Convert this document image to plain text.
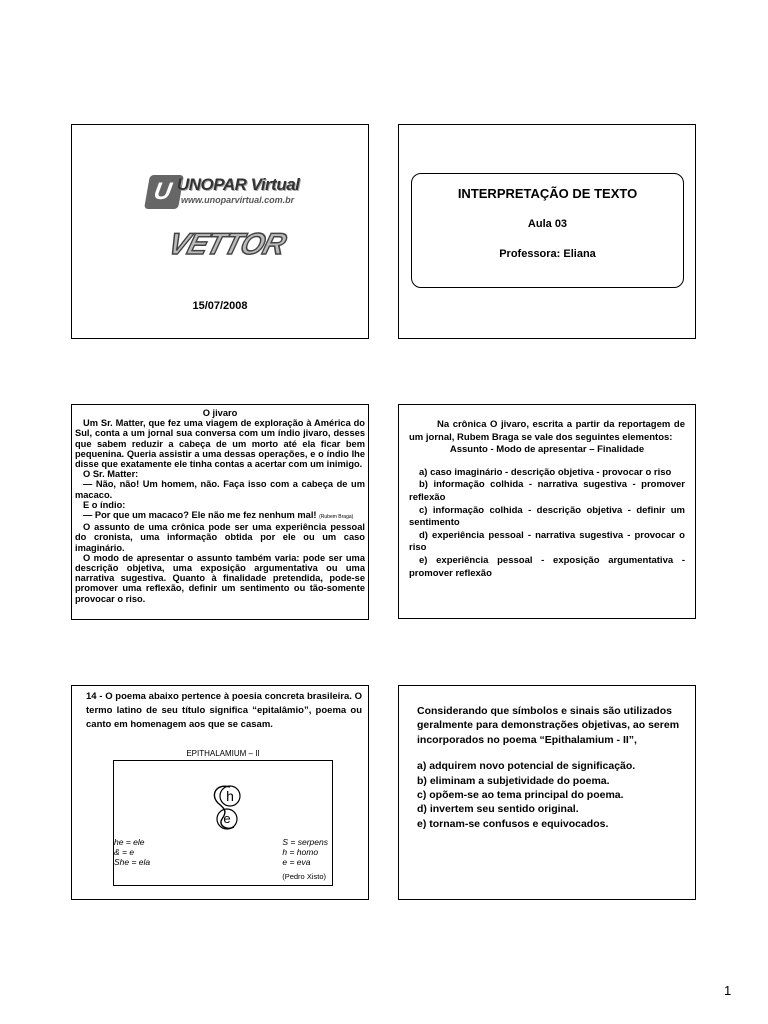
U UNOPAR Virtual
www.unoparvirtual.com.br
VETTOR
15/07/2008
INTERPRETAÇÃO DE TEXTO
Aula 03
Professora: Eliana
O jivaro

Um Sr. Matter, que fez uma viagem de exploração à América do Sul, conta a um jornal sua conversa com um índio jivaro, desses que sabem reduzir a cabeça de um morto até ela ficar bem pequenina. Queria assistir a uma dessas operações, e o índio lhe disse que exatamente ele tinha contas a acertar com um inimigo.

O Sr. Matter:

— Não, não! Um homem, não. Faça isso com a cabeça de um macaco.

E o índio:

— Por que um macaco? Ele não me fez nenhum mal! (Rubem Braga)

O assunto de uma crônica pode ser uma experiência pessoal do cronista, uma informação obtida por ele ou um caso imaginário.

O modo de apresentar o assunto também varia: pode ser uma descrição objetiva, uma exposição argumentativa ou uma narrativa sugestiva. Quanto à finalidade pretendida, pode-se promover uma reflexão, definir um sentimento ou tão-somente provocar o riso.

Na crônica O jivaro, escrita a partir da reportagem de um jornal, Rubem Braga se vale dos seguintes elementos:

Assunto - Modo de apresentar – Finalidade

a) caso imaginário - descrição objetiva - provocar o riso

b) informação colhida - narrativa sugestiva - promover reflexão

c) informação colhida - descrição objetiva - definir um sentimento

d) experiência pessoal - narrativa sugestiva - provocar o riso

e) experiência pessoal - exposição argumentativa - promover reflexão

14 - O poema abaixo pertence à poesia concreta brasileira. O termo latino de seu título significa “epitalâmio”, poema ou canto em homenagem aos que se casam.
EPITHALAMIUM – II
h
e
he = ele
& = e
She = ela
S = serpens
h = homo
e = eva
(Pedro Xisto)

Considerando que símbolos e sinais são utilizados geralmente para demonstrações objetivas, ao serem incorporados no poema “Epithalamium - II”,

a) adquirem novo potencial de significação.

b) eliminam a subjetividade do poema.

c) opõem-se ao tema principal do poema.

d) invertem seu sentido original.

e) tornam-se confusos e equivocados.

1
